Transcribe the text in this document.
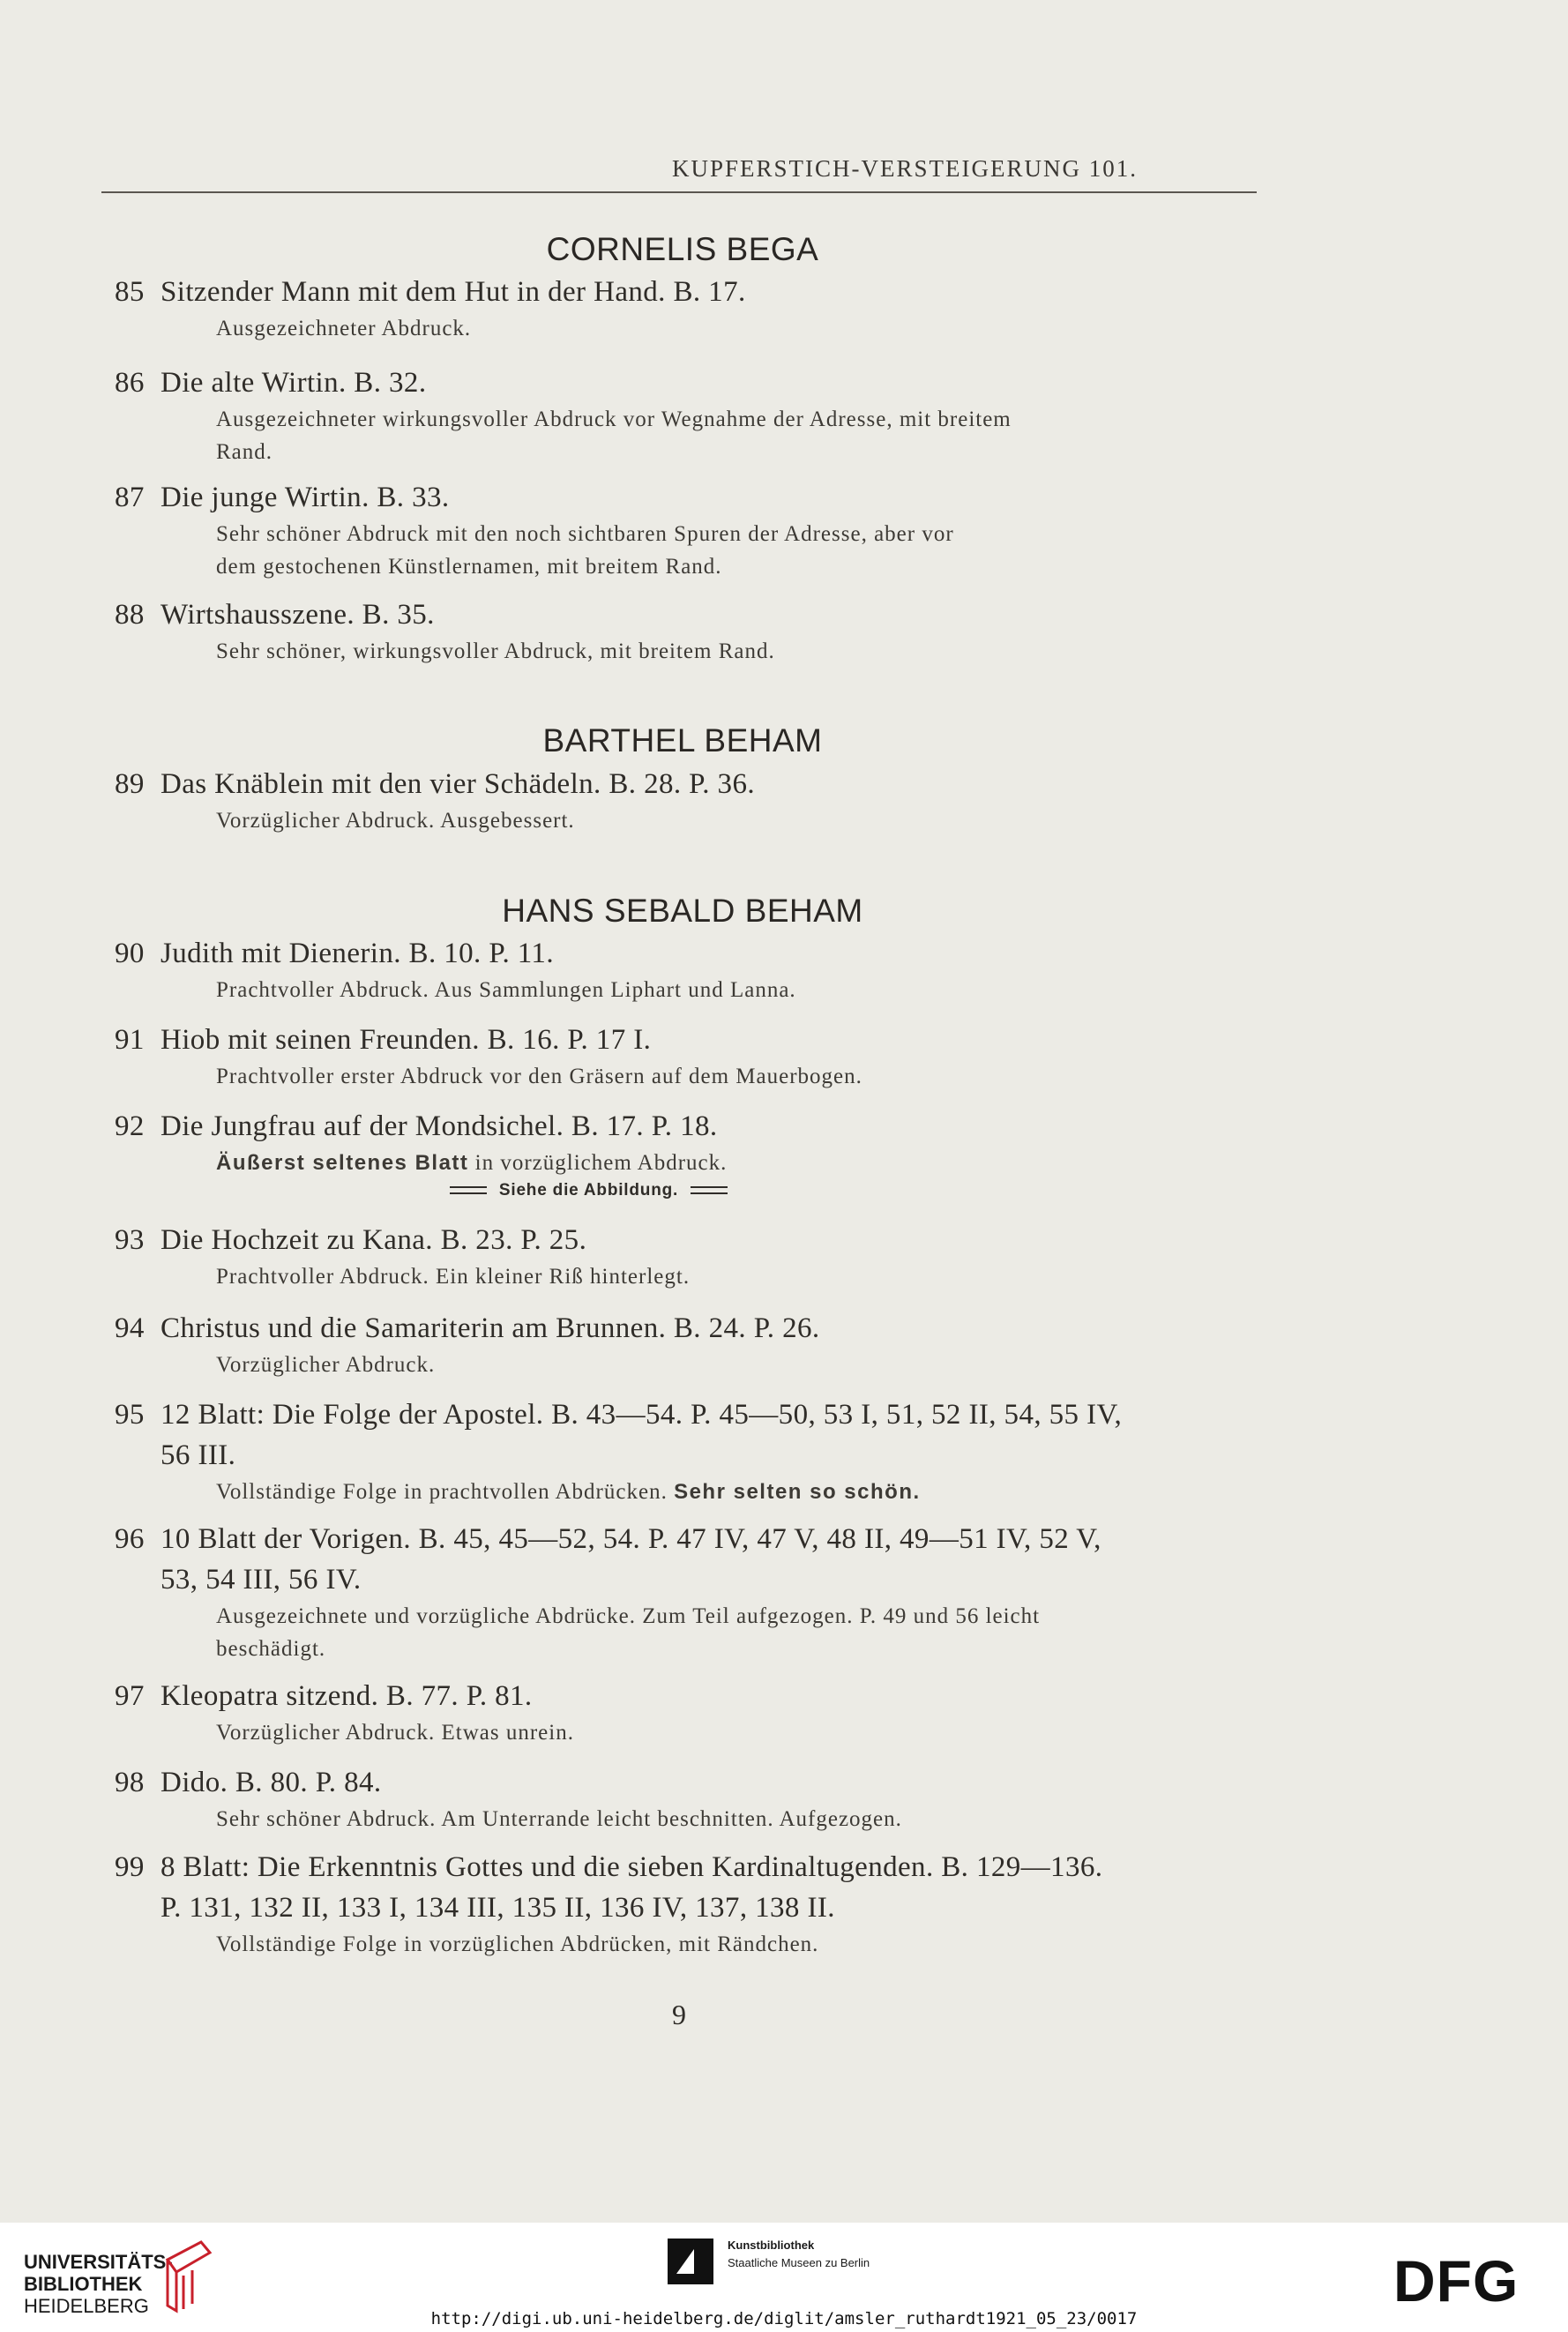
KUPFERSTICH-VERSTEIGERUNG 101.
CORNELIS BEGA
85 Sitzender Mann mit dem Hut in der Hand. B. 17.
Ausgezeichneter Abdruck.
86 Die alte Wirtin. B. 32.
Ausgezeichneter wirkungsvoller Abdruck vor Wegnahme der Adresse, mit breitem
Rand.
87 Die junge Wirtin. B. 33.
Sehr schöner Abdruck mit den noch sichtbaren Spuren der Adresse, aber vor
dem gestochenen Künstlernamen, mit breitem Rand.
88 Wirtshausszene. B. 35.
Sehr schöner, wirkungsvoller Abdruck, mit breitem Rand.
BARTHEL BEHAM
89 Das Knäblein mit den vier Schädeln. B. 28. P. 36.
Vorzüglicher Abdruck. Ausgebessert.
HANS SEBALD BEHAM
90 Judith mit Dienerin. B. 10. P. 11.
Prachtvoller Abdruck. Aus Sammlungen Liphart und Lanna.
91 Hiob mit seinen Freunden. B. 16. P. 17 I.
Prachtvoller erster Abdruck vor den Gräsern auf dem Mauerbogen.
92 Die Jungfrau auf der Mondsichel. B. 17. P. 18.
Äußerst seltenes Blatt in vorzüglichem Abdruck.
Siehe die Abbildung.
93 Die Hochzeit zu Kana. B. 23. P. 25.
Prachtvoller Abdruck. Ein kleiner Riß hinterlegt.
94 Christus und die Samariterin am Brunnen. B. 24. P. 26.
Vorzüglicher Abdruck.
95 12 Blatt: Die Folge der Apostel. B. 43—54. P. 45—50, 53 I, 51, 52 II, 54, 55 IV,
56 III.
Vollständige Folge in prachtvollen Abdrücken. Sehr selten so schön.
96 10 Blatt der Vorigen. B. 45, 45—52, 54. P. 47 IV, 47 V, 48 II, 49—51 IV, 52 V,
53, 54 III, 56 IV.
Ausgezeichnete und vorzügliche Abdrücke. Zum Teil aufgezogen. P. 49 und 56 leicht
beschädigt.
97 Kleopatra sitzend. B. 77. P. 81.
Vorzüglicher Abdruck. Etwas unrein.
98 Dido. B. 80. P. 84.
Sehr schöner Abdruck. Am Unterrande leicht beschnitten. Aufgezogen.
99 8 Blatt: Die Erkenntnis Gottes und die sieben Kardinaltugenden. B. 129—136.
P. 131, 132 II, 133 I, 134 III, 135 II, 136 IV, 137, 138 II.
Vollständige Folge in vorzüglichen Abdrücken, mit Rändchen.
9
UNIVERSITÄTS-
BIBLIOTHEK
HEIDELBERG
Kunstbibliothek
Staatliche Museen zu Berlin	DFG
http://digi.ub.uni-heidelberg.de/diglit/amsler_ruthardt1921_05_23/0017
